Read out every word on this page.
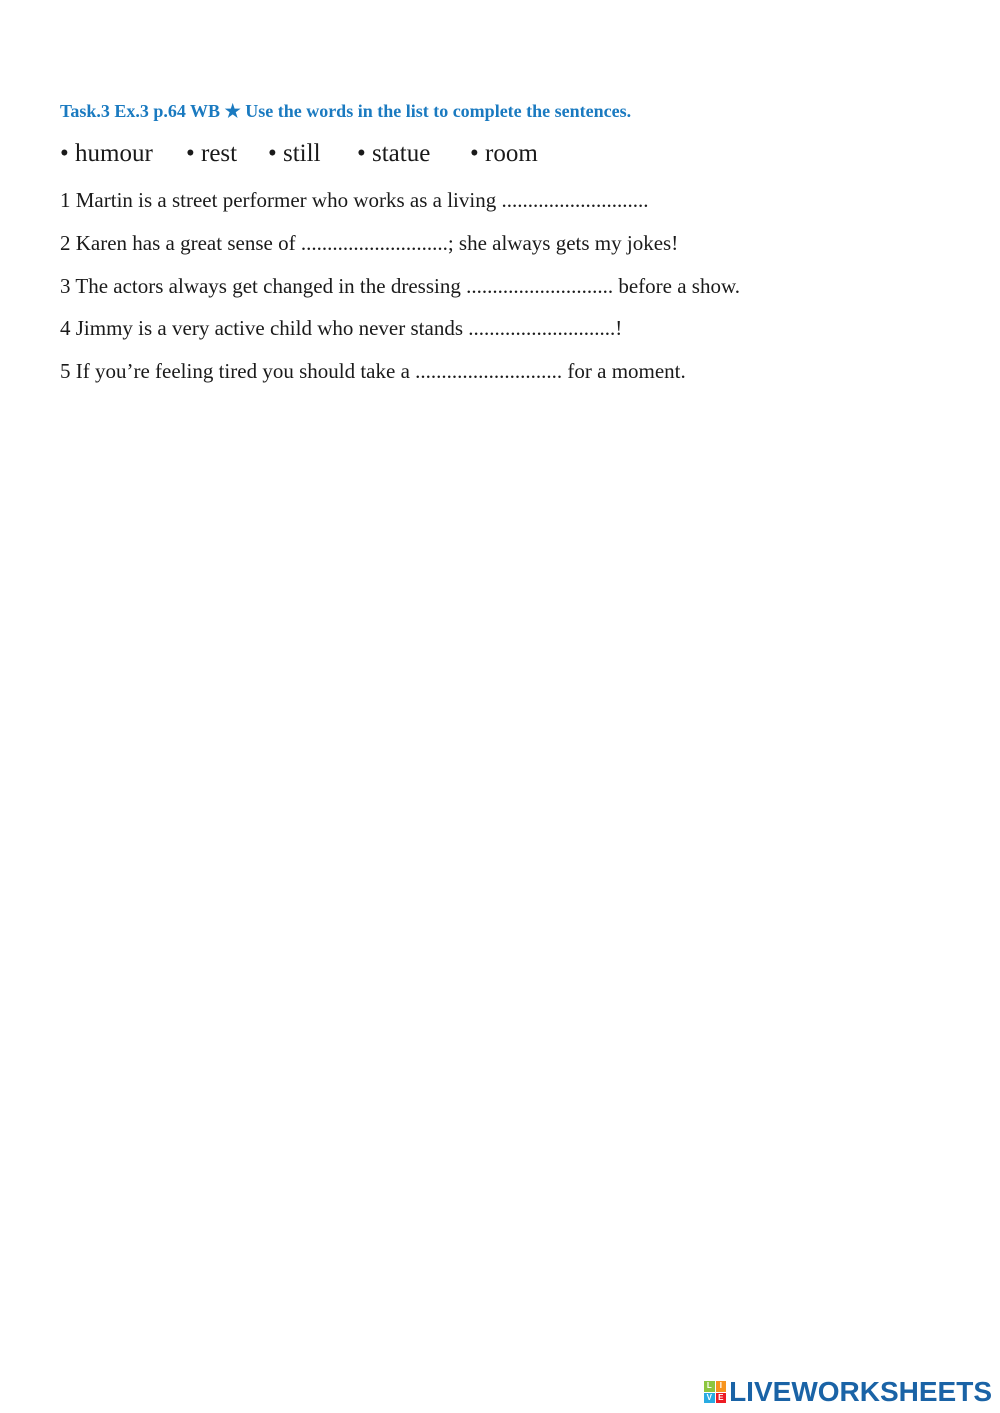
Task.3 Ex.3 p.64 WB ★ Use the words in the list to complete the sentences.
• humour	• rest	• still	• statue	• room
1 Martin is a street performer who works as a living ............................
2 Karen has a great sense of ............................; she always gets my jokes!
3 The actors always get changed in the dressing ............................ before a show.
4 Jimmy is a very active child who never stands ............................!
5 If you’re feeling tired you should take a ............................ for a moment.
L I
V E LIVEWORKSHEETS
